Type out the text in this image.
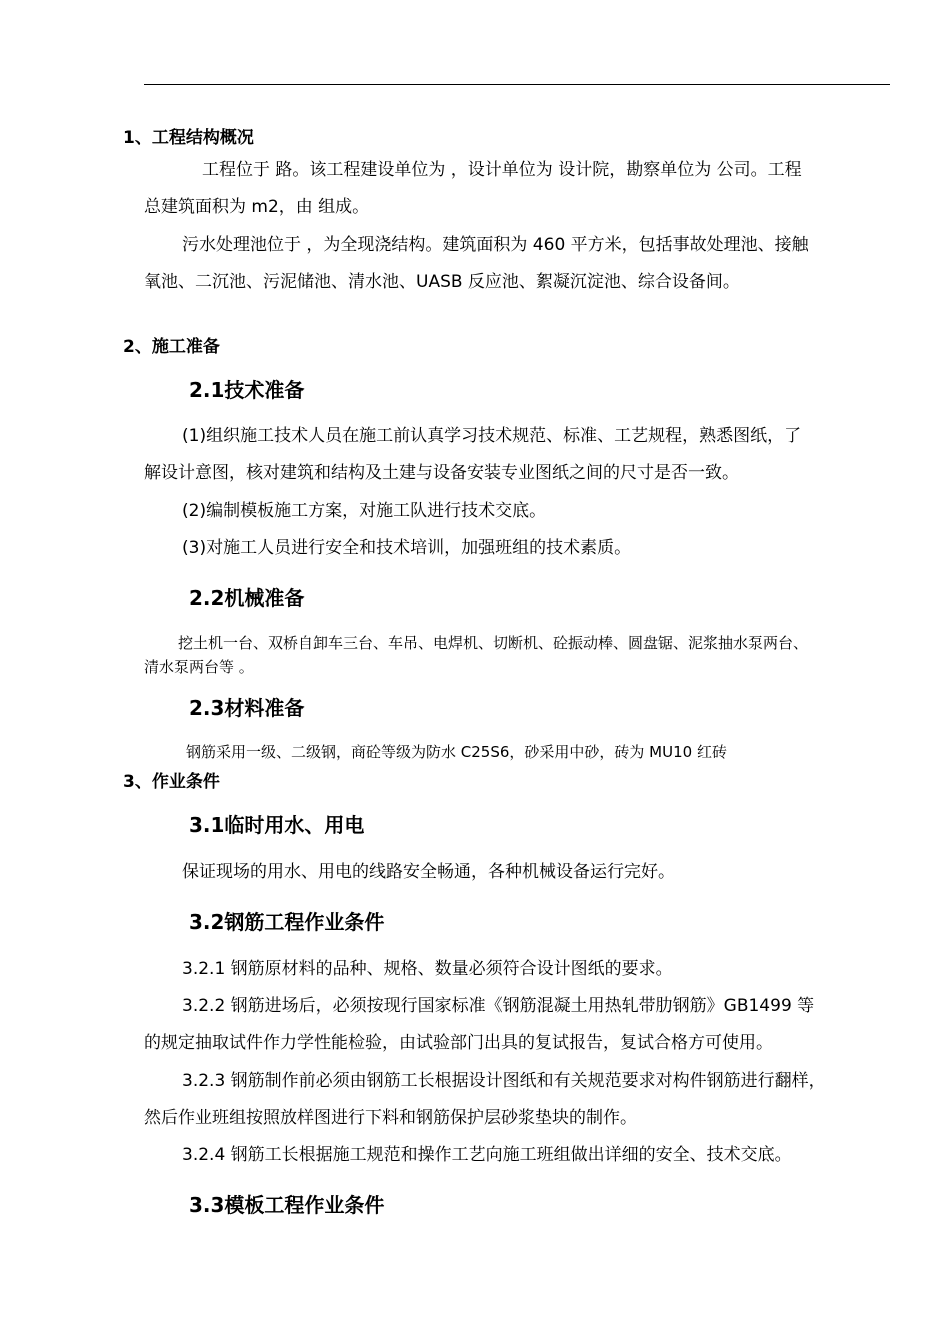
1、工程结构概况
工程位于 路。该工程建设单位为 ，设计单位为 设计院，勘察单位为 公司。工程
总建筑面积为 m2，由 组成。
污水处理池位于 ，为全现浇结构。建筑面积为 460 平方米，包括事故处理池、接触
氧池、二沉池、污泥储池、清水池、UASB 反应池、絮凝沉淀池、综合设备间。
2、施工准备
2.1技术准备
(1)组织施工技术人员在施工前认真学习技术规范、标准、工艺规程，熟悉图纸，了
解设计意图，核对建筑和结构及土建与设备安装专业图纸之间的尺寸是否一致。
(2)编制模板施工方案，对施工队进行技术交底。
(3)对施工人员进行安全和技术培训，加强班组的技术素质。
2.2机械准备
挖土机一台、双桥自卸车三台、车吊、电焊机、切断机、砼振动棒、圆盘锯、泥浆抽水泵两台、
清水泵两台等 。
2.3材料准备
钢筋采用一级、二级钢，商砼等级为防水 C25S6，砂采用中砂，砖为 MU10 红砖
3、作业条件
3.1临时用水、用电
保证现场的用水、用电的线路安全畅通，各种机械设备运行完好。
3.2钢筋工程作业条件
3.2.1 钢筋原材料的品种、规格、数量必须符合设计图纸的要求。
3.2.2 钢筋进场后，必须按现行国家标准《钢筋混凝土用热轧带肋钢筋》GB1499 等
的规定抽取试件作力学性能检验，由试验部门出具的复试报告，复试合格方可使用。
3.2.3 钢筋制作前必须由钢筋工长根据设计图纸和有关规范要求对构件钢筋进行翻样，
然后作业班组按照放样图进行下料和钢筋保护层砂浆垫块的制作。
3.2.4 钢筋工长根据施工规范和操作工艺向施工班组做出详细的安全、技术交底。
3.3模板工程作业条件
